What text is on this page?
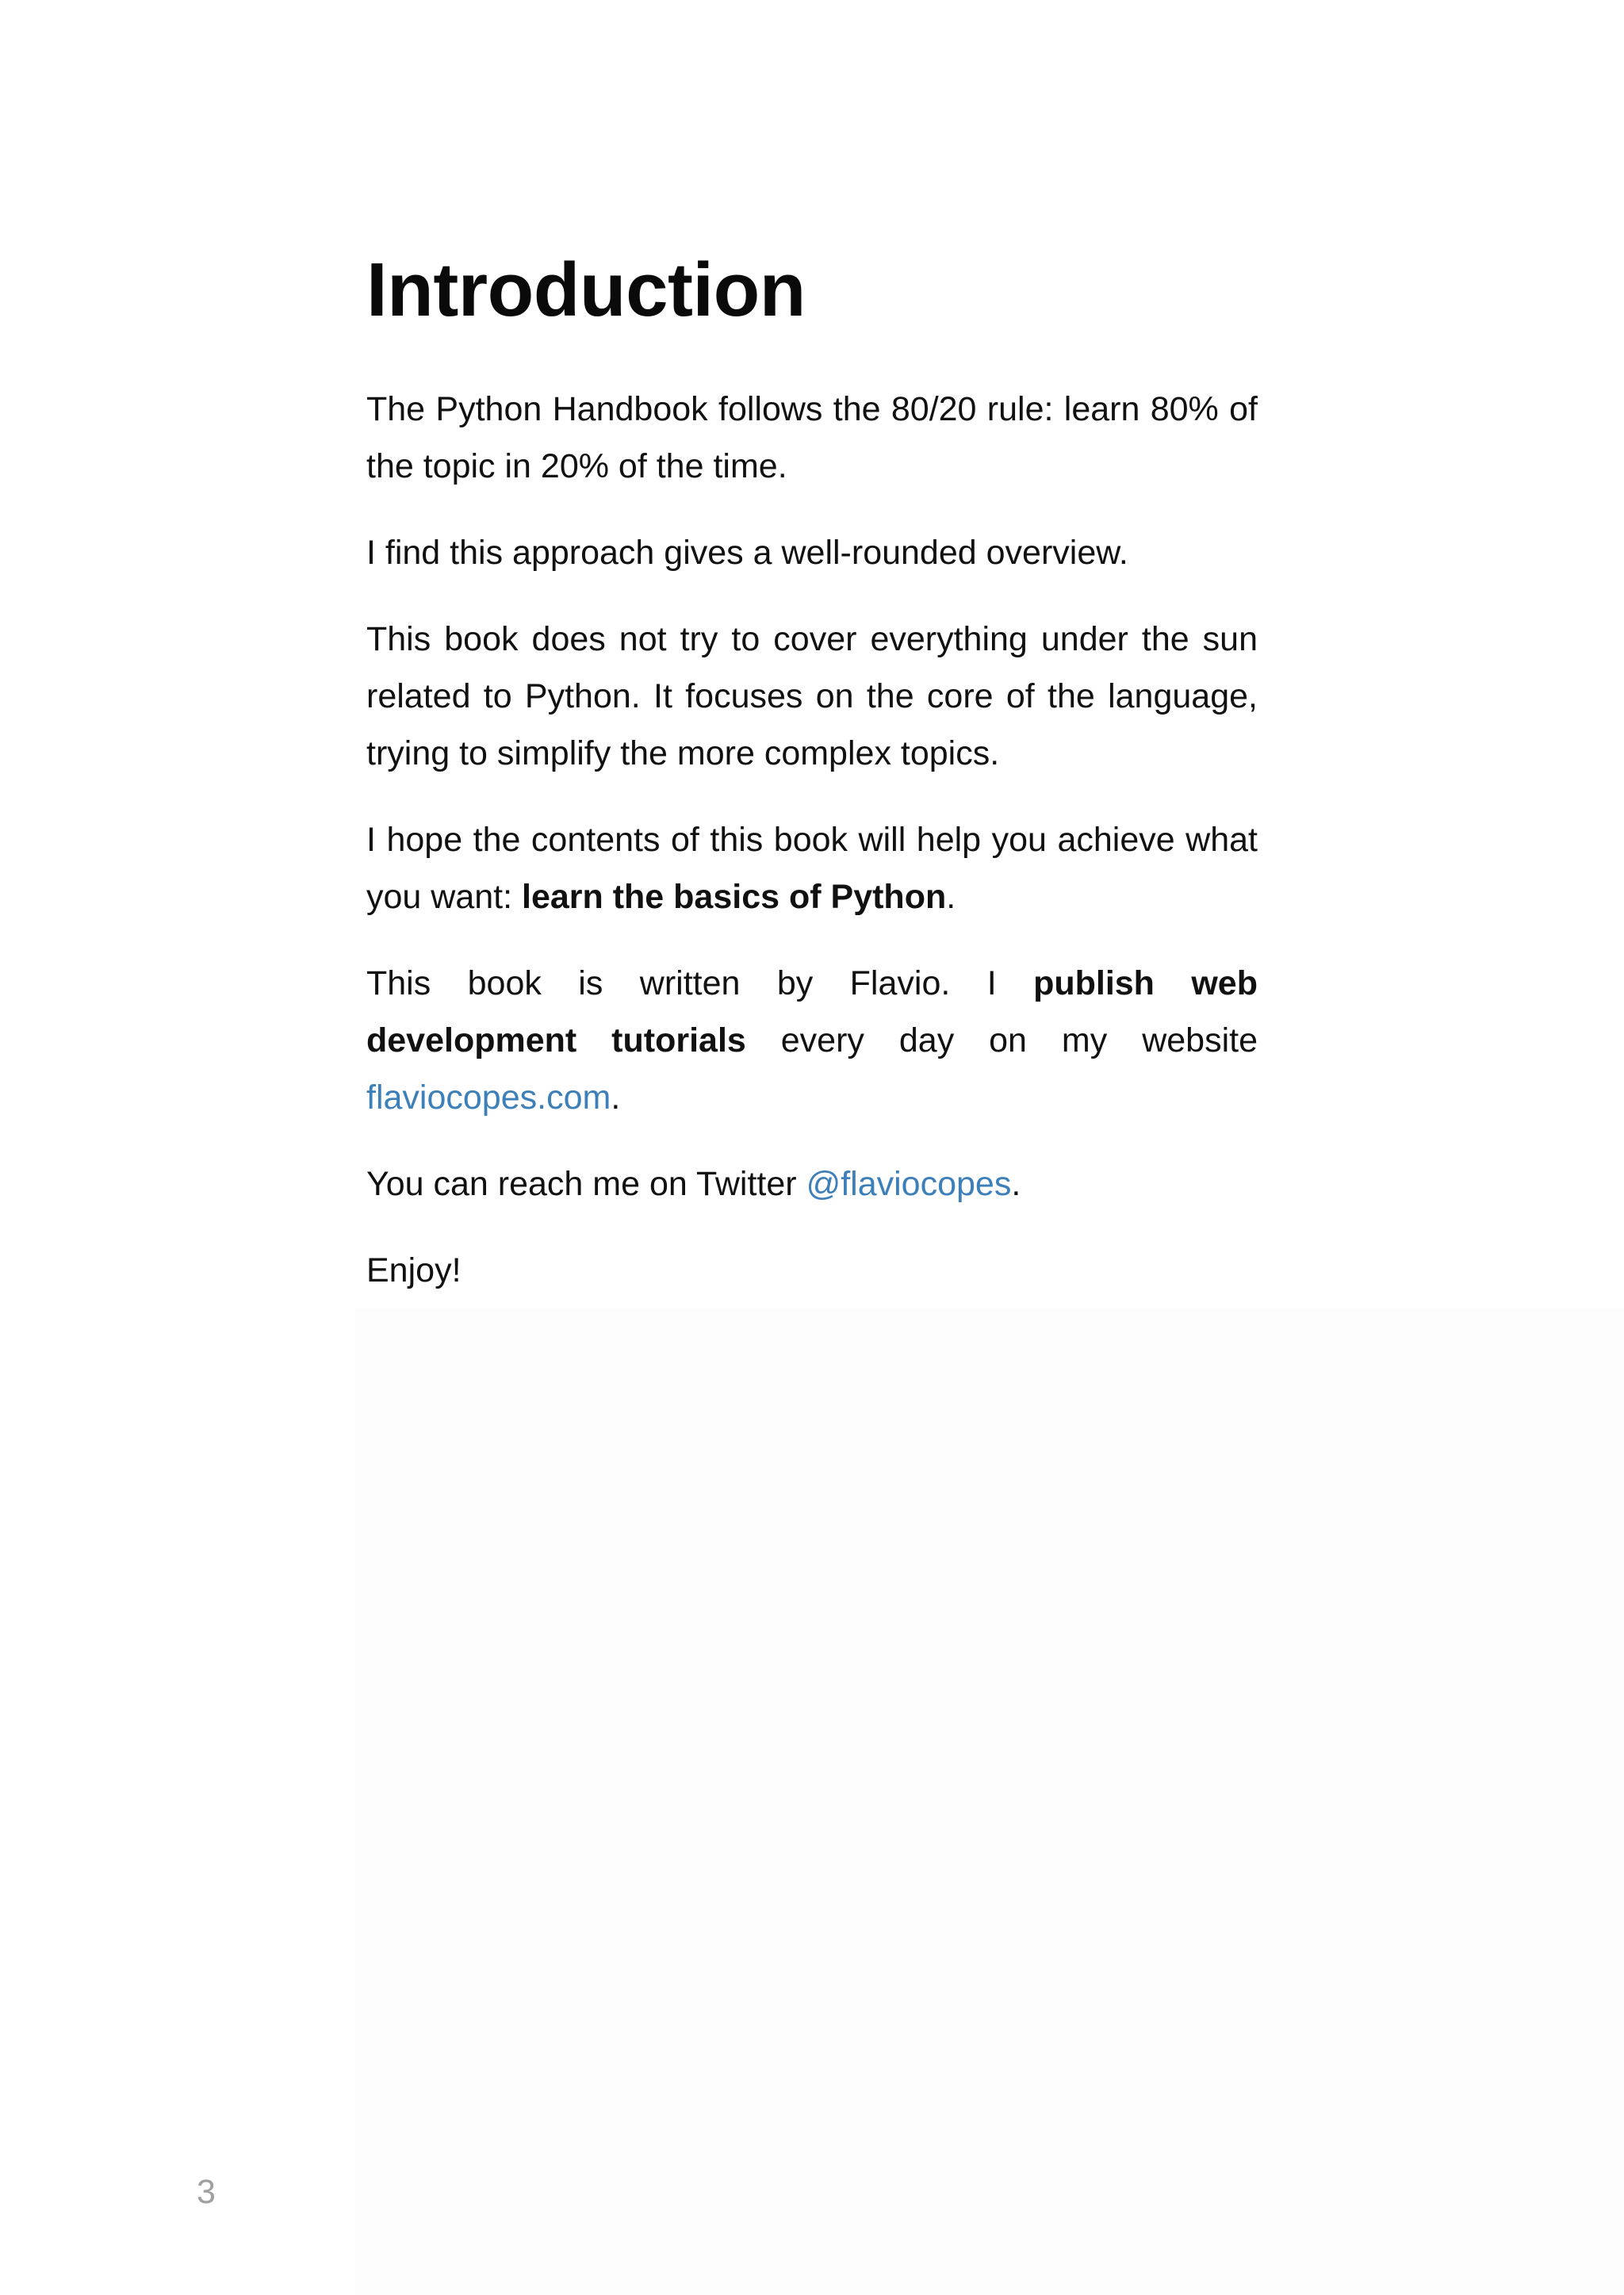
Introduction

The Python Handbook follows the 80/20 rule: learn 80% of the topic in 20% of the time.

I find this approach gives a well-rounded overview.

This book does not try to cover everything under the sun related to Python. It focuses on the core of the language, trying to simplify the more complex topics.

I hope the contents of this book will help you achieve what you want: learn the basics of Python.

This book is written by Flavio. I publish web development tutorials every day on my website flaviocopes.com.

You can reach me on Twitter @flaviocopes.

Enjoy!

3
